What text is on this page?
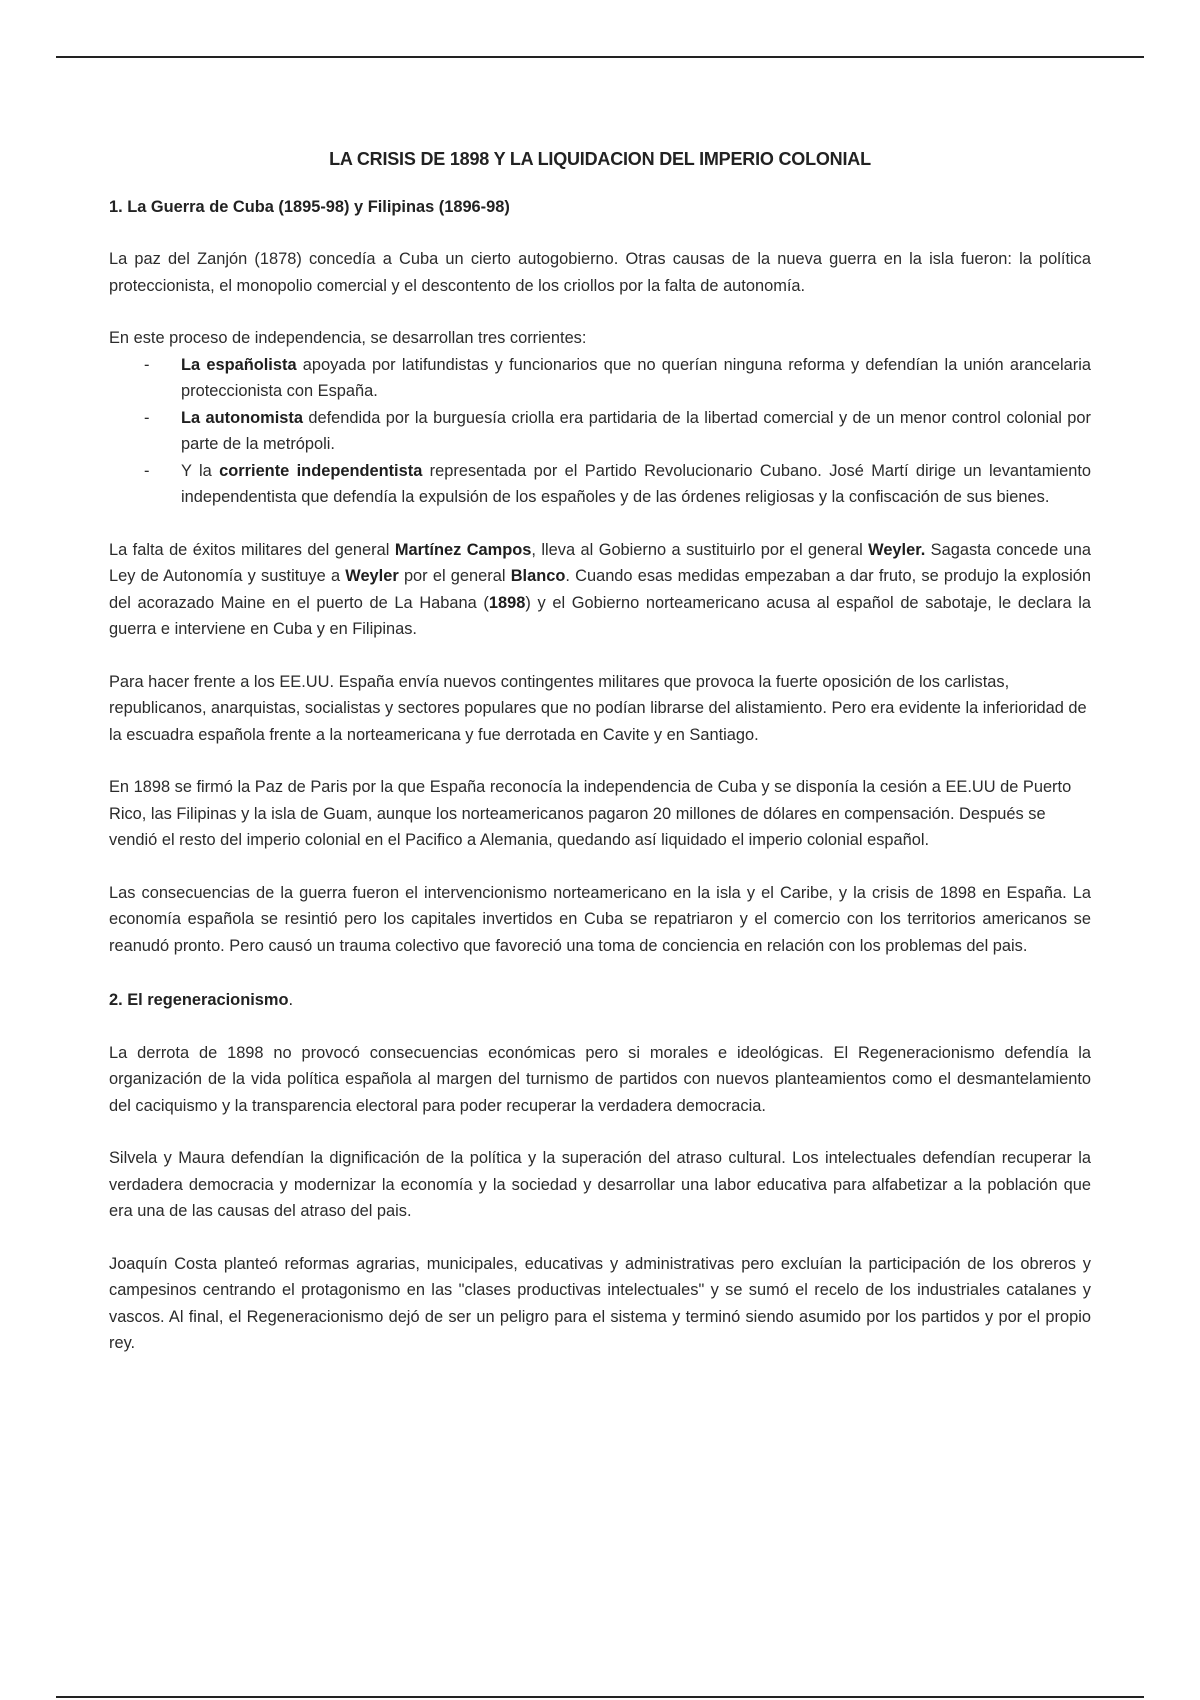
LA CRISIS DE 1898 Y LA LIQUIDACION DEL IMPERIO COLONIAL
1. La Guerra de Cuba (1895-98) y Filipinas (1896-98)

La paz del Zanjón (1878) concedía a Cuba un cierto autogobierno. Otras causas de la nueva guerra en la isla fueron: la política proteccionista, el monopolio comercial y el descontento de los criollos por la falta de autonomía.

En este proceso de independencia, se desarrollan tres corrientes:

- La españolista apoyada por latifundistas y funcionarios que no querían ninguna reforma y defendían la unión arancelaria proteccionista con España.
- La autonomista defendida por la burguesía criolla era partidaria de la libertad comercial y de un menor control colonial por parte de la metrópoli.
- Y la corriente independentista representada por el Partido Revolucionario Cubano. José Martí dirige un levantamiento independentista que defendía la expulsión de los españoles y de las órdenes religiosas y la confiscación de sus bienes.

La falta de éxitos militares del general Martínez Campos, lleva al Gobierno a sustituirlo por el general Weyler. Sagasta concede una Ley de Autonomía y sustituye a Weyler por el general Blanco. Cuando esas medidas empezaban a dar fruto, se produjo la explosión del acorazado Maine en el puerto de La Habana (1898) y el Gobierno norteamericano acusa al español de sabotaje, le declara la guerra e interviene en Cuba y en Filipinas.

Para hacer frente a los EE.UU. España envía nuevos contingentes militares que provoca la fuerte oposición de los carlistas, republicanos, anarquistas, socialistas y sectores populares que no podían librarse del alistamiento. Pero era evidente la inferioridad de la escuadra española frente a la norteamericana y fue derrotada en Cavite y en Santiago.

En 1898 se firmó la Paz de Paris por la que España reconocía la independencia de Cuba y se disponía la cesión a EE.UU de Puerto Rico, las Filipinas y la isla de Guam, aunque los norteamericanos pagaron 20 millones de dólares en compensación. Después se vendió el resto del imperio colonial en el Pacifico a Alemania, quedando así liquidado el imperio colonial español.

Las consecuencias de la guerra fueron el intervencionismo norteamericano en la isla y el Caribe, y la crisis de 1898 en España. La economía española se resintió pero los capitales invertidos en Cuba se repatriaron y el comercio con los territorios americanos se reanudó pronto. Pero causó un trauma colectivo que favoreció una toma de conciencia en relación con los problemas del pais.

2. El regeneracionismo.

La derrota de 1898 no provocó consecuencias económicas pero si morales e ideológicas. El Regeneracionismo defendía la organización de la vida política española al margen del turnismo de partidos con nuevos planteamientos como el desmantelamiento del caciquismo y la transparencia electoral para poder recuperar la verdadera democracia.

Silvela y Maura defendían la dignificación de la política y la superación del atraso cultural. Los intelectuales defendían recuperar la verdadera democracia y modernizar la economía y la sociedad y desarrollar una labor educativa para alfabetizar a la población que era una de las causas del atraso del pais.

Joaquín Costa planteó reformas agrarias, municipales, educativas y administrativas pero excluían la participación de los obreros y campesinos centrando el protagonismo en las "clases productivas intelectuales" y se sumó el recelo de los industriales catalanes y vascos. Al final, el Regeneracionismo dejó de ser un peligro para el sistema y terminó siendo asumido por los partidos y por el propio rey.
